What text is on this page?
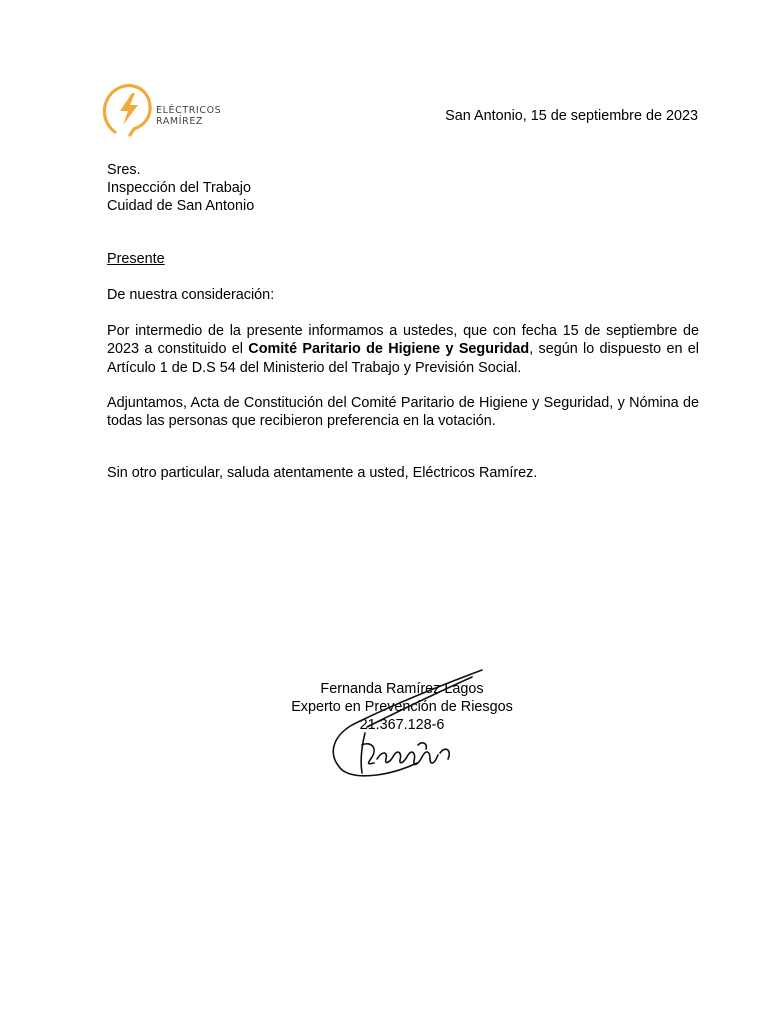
ELÉCTRICOS
RAMÍREZ	San Antonio, 15 de septiembre de 2023
Sres.
Inspección del Trabajo
Cuidad de San Antonio
Presente
De nuestra consideración:
Por intermedio de la presente informamos a ustedes, que con fecha 15 de septiembre de 2023 a constituido el Comité Paritario de Higiene y Seguridad, según lo dispuesto en el Artículo 1 de D.S 54 del Ministerio del Trabajo y Previsión Social.
Adjuntamos, Acta de Constitución del Comité Paritario de Higiene y Seguridad, y Nómina de todas las personas que recibieron preferencia en la votación.
Sin otro particular, saluda atentamente a usted, Eléctricos Ramírez.
Fernanda Ramírez Lagos
Experto en Prevención de Riesgos
21.367.128-6
